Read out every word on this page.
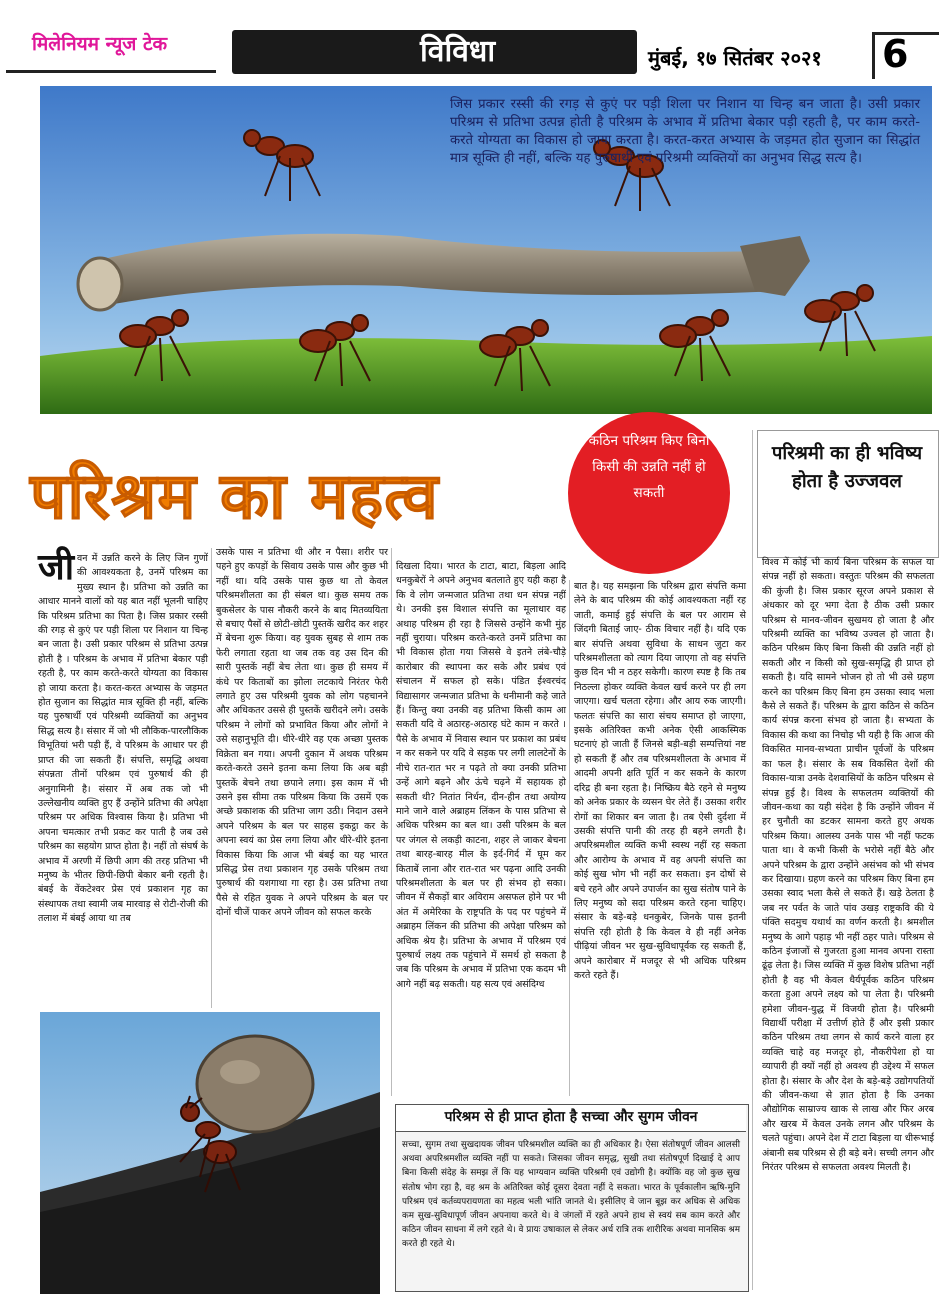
मिलेनियम न्यूज टेक	विविधा	मुंबई, १७ सितंबर २०२१ 6
जिस प्रकार रस्सी की रगड़ से कुएं पर पड़ी शिला पर निशान या चिन्ह बन जाता है। उसी प्रकार परिश्रम से प्रतिभा उत्पन्न होती है परिश्रम के अभाव में प्रतिभा बेकार पड़ी रहती है, पर काम करते-करते योग्यता का विकास हो जाया करता है। करत-करत अभ्यास के जड़मत होत सुजान का सिद्धांत मात्र सूक्ति ही नहीं, बल्कि यह पुरुषार्थी एवं परिश्रमी व्यक्तियों का अनुभव सिद्ध सत्य है।
परिश्रम का महत्व
कठिन परिश्रम किए बिना किसी की उन्नति नहीं हो सकती
परिश्रमी का ही भविष्य होता है उज्जवल
विश्व में कोई भी कार्य बिना परिश्रम के सफल या संपन्न नहीं हो सकता। वस्तुतः परिश्रम की सफलता की कुंजी है। जिस प्रकार सूरज अपने प्रकाश से अंधकार को दूर भगा देता है ठीक उसी प्रकार परिश्रम से मानव-जीवन सुखमय हो जाता है और परिश्रमी व्यक्ति का भविष्य उज्वल हो जाता है। कठिन परिश्रम किए बिना किसी की उन्नति नहीं हो सकती और न किसी को सुख-समृद्धि ही प्राप्त हो सकती है। यदि सामने भोजन हो तो भी उसे ग्रहण करने का परिश्रम किए बिना हम उसका स्वाद भला कैसे ले सकते हैं। परिश्रम के द्वारा कठिन से कठिन कार्य संपन्न करना संभव हो जाता है। सभ्यता के विकास की कथा का निचोड़ भी यही है कि आज की विकसित मानव-सभ्यता प्राचीन पूर्वजों के परिश्रम का फल है। संसार के सब विकसित देशों की विकास-यात्रा उनके देशवासियों के कठिन परिश्रम से संपन्न हुई है। विश्व के सफलतम व्यक्तियों की जीवन-कथा का यही संदेश है कि उन्होंने जीवन में हर चुनौती का डटकर सामना करते हुए अथक परिश्रम किया। आलस्य उनके पास भी नहीं फटक पाता था। वे कभी किसी के भरोसे नहीं बैठे और अपने परिश्रम के द्वारा उन्होंने असंभव को भी संभव कर दिखाया। ग्रहण करने का परिश्रम किए बिना हम उसका स्वाद भला कैसे ले सकते हैं। खड़े ठेलता है जब नर पर्वत के जाते पांव उखड़ राष्ट्रकवि की ये पंक्ति सदमुच यथार्थ का वर्णन करती है। श्रमशील मनुष्य के आगे पहाड़ भी नहीं ठहर पाते। परिश्रम से कठिन इंजाजों से गुजरता हुआ मानव अपना रास्ता ढूंढ़ लेता है। जिस व्यक्ति में कुछ विशेष प्रतिभा नहीं होती है वह भी केवल धैर्यपूर्वक कठिन परिश्रम करता हुआ अपने लक्ष्य को पा लेता है। परिश्रमी हमेशा जीवन-युद्ध में विजयी होता है। परिश्रमी विद्यार्थी परीक्षा में उत्तीर्ण होते हैं और इसी प्रकार कठिन परिश्रम तथा लगन से कार्य करने वाला हर व्यक्ति चाहे वह मजदूर हो, नौकरीपेशा हो या व्यापारी ही क्यों नहीं हो अवश्य ही उद्देश्य में सफल होता है। संसार के और देश के बड़े-बड़े उद्योगपतियों की जीवन-कथा से ज्ञात होता है कि उनका औद्योगिक साम्राज्य खाक से लाख और फिर अरब और खरब में केवल उनके लगन और परिश्रम के चलते पहुंचा। अपने देश में टाटा बिड़ला या धीरूभाई अंबानी सब परिश्रम से ही बड़े बने। सच्ची लगन और निरंतर परिश्रम से सफलता अवश्य मिलती है।
जीवन में उन्नति करने के लिए जिन गुणों की आवश्यकता है, उनमें परिश्रम का मुख्य स्थान है। प्रतिभा को उन्नति का आधार मानने वालों को यह बात नहीं भूलनी चाहिए कि परिश्रम प्रतिभा का पिता है। जिस प्रकार रस्सी की रगड़ से कुएं पर पड़ी शिला पर निशान या चिन्ह बन जाता है। उसी प्रकार परिश्रम से प्रतिभा उत्पन्न होती है । परिश्रम के अभाव में प्रतिभा बेकार पड़ी रहती है, पर काम करते-करते योग्यता का विकास हो जाया करता है। करत-करत अभ्यास के जड़मत होत सुजान का सिद्धांत मात्र सूक्ति ही नहीं, बल्कि यह पुरुषार्थी एवं परिश्रमी व्यक्तियों का अनुभव सिद्ध सत्य है। संसार में जो भी लौकिक-पारलौकिक विभूतियां भरी पड़ी हैं, वे परिश्रम के आधार पर ही प्राप्त की जा सकती हैं। संपत्ति, समृद्धि अथवा संपन्नता तीनों परिश्रम एवं पुरुषार्थ की ही अनुगामिनी है। संसार में अब तक जो भी उल्लेखनीय व्यक्ति हुए हैं उन्होंने प्रतिभा की अपेक्षा परिश्रम पर अधिक विश्वास किया है। प्रतिभा भी अपना चमत्कार तभी प्रकट कर पाती है जब उसे परिश्रम का सहयोग प्राप्त होता है। नहीं तो संघर्ष के अभाव में अरणी में छिपी आग की तरह प्रतिभा भी मनुष्य के भीतर छिपी-छिपी बेकार बनी रहती है। बंबई के वेंकटेश्वर प्रेस एवं प्रकाशन गृह का संस्थापक तथा स्वामी जब मारवाड़ से रोटी-रोजी की तलाश में बंबई आया था तब
उसके पास न प्रतिभा थी और न पैसा। शरीर पर पहने हुए कपड़ों के सिवाय उसके पास और कुछ भी नहीं था। यदि उसके पास कुछ था तो केवल परिश्रमशीलता का ही संबल था। कुछ समय तक बुकसेलर के पास नौकरी करने के बाद मितव्ययिता से बचाए पैसों से छोटी-छोटी पुस्तकें खरीद कर शहर में बेचना शुरू किया। वह युवक सुबह से शाम तक फेरी लगाता रहता था जब तक वह उस दिन की सारी पुस्तकें नहीं बेच लेता था। कुछ ही समय में कंधे पर किताबों का झोला लटकाये निरंतर फेरी लगाते हुए उस परिश्रमी युवक को लोग पहचानने और अधिकतर उससे ही पुस्तकें खरीदने लगे। उसके परिश्रम ने लोगों को प्रभावित किया और लोगों ने उसे सहानुभूति दी। धीरे-धीरे वह एक अच्छा पुस्तक विक्रेता बन गया। अपनी दुकान में अथक परिश्रम करते-करते उसने इतना कमा लिया कि अब बड़ी पुस्तकें बेचने तथा छपाने लगा। इस काम में भी उसने इस सीमा तक परिश्रम किया कि उसमें एक अच्छे प्रकाशक की प्रतिभा जाग उठी। निदान उसने अपने परिश्रम के बल पर साहस इकट्ठा कर के अपना स्वयं का प्रेस लगा लिया और धीरे-धीरे इतना विकास किया कि आज भी बंबई का यह भारत प्रसिद्ध प्रेस तथा प्रकाशन गृह उसके परिश्रम तथा पुरुषार्थ की यशगाथा गा रहा है। उस प्रतिभा तथा पैसे से रहित युवक ने अपने परिश्रम के बल पर दोनों चीजें पाकर अपने जीवन को सफल करके
दिखला दिया। भारत के टाटा, बाटा, बिड़ला आदि धनकुबेरों ने अपने अनुभव बतलाते हुए यही कहा है कि वे लोग जन्मजात प्रतिभा तथा धन संपन्न नहीं थे। उनकी इस विशाल संपत्ति का मूलाधार वह अथाह परिश्रम ही रहा है जिससे उन्होंने कभी मुंह नहीं चुराया। परिश्रम करते-करते उनमें प्रतिभा का भी विकास होता गया जिससे वे इतने लंबे-चौड़े कारोबार की स्थापना कर सके और प्रबंध एवं संचालन में सफल हो सके। पंडित ईश्वरचंद विद्यासागर जन्मजात प्रतिभा के धनीमानी कहे जाते हैं। किन्तु क्या उनकी वह प्रतिभा किसी काम आ सकती यदि वे अठारह-अठारह घंटे काम न करते । पैसे के अभाव में निवास स्थान पर प्रकाश का प्रबंध न कर सकने पर यदि वे सड़क पर लगी लालटेनों के नीचे रात-रात भर न पढ़ते तो क्या उनकी प्रतिभा उन्हें आगे बढ़ने और ऊंचे चढ़ने में सहायक हो सकती थी? नितांत निर्धन, दीन-हीन तथा अयोग्य माने जाने वाले अब्राहम लिंकन के पास प्रतिभा से अधिक परिश्रम का बल था। उसी परिश्रम के बल पर जंगल से लकड़ी काटना, शहर ले जाकर बेचना तथा बारह-बारह मील के इर्द-गिर्द में घूम कर किताबें लाना और रात-रात भर पढ़ना आदि उनकी परिश्रमशीलता के बल पर ही संभव हो सका। जीवन में सैकड़ों बार अविराम असफल होने पर भी अंत में अमेरिका के राष्ट्रपति के पद पर पहुंचने में अब्राहम लिंकन की प्रतिभा की अपेक्षा परिश्रम को अधिक श्रेय है। प्रतिभा के अभाव में परिश्रम एवं पुरुषार्थ लक्ष्य तक पहुंचाने में समर्थ हो सकता है जब कि परिश्रम के अभाव में प्रतिभा एक कदम भी आगे नहीं बढ़ सकती। यह सत्य एवं असंदिग्ध
बात है। यह समझना कि परिश्रम द्वारा संपत्ति कमा लेने के बाद परिश्रम की कोई आवश्यकता नहीं रह जाती, कमाई हुई संपत्ति के बल पर आराम से जिंदगी बिताई जाए- ठीक विचार नहीं है। यदि एक बार संपत्ति अथवा सुविधा के साधन जुटा कर परिश्रमशीलता को त्याग दिया जाएगा तो वह संपत्ति कुछ दिन भी न ठहर सकेगी। कारण स्पष्ट है कि तब निठल्ला होकर व्यक्ति केवल खर्च करने पर ही लग जाएगा। खर्च चलता रहेगा। और आय रुक जाएगी। फलतः संपत्ति का सारा संचय समाप्त हो जाएगा, इसके अतिरिक्त कभी अनेक ऐसी आकस्मिक घटनाएं हो जाती हैं जिनसे बड़ी-बड़ी सम्पत्तियां नष्ट हो सकती हैं और तब परिश्रमशीलता के अभाव में आदमी अपनी क्षति पूर्ति न कर सकने के कारण दरिद्र ही बना रहता है। निष्क्रिय बैठे रहने से मनुष्य को अनेक प्रकार के व्यसन घेर लेते हैं। उसका शरीर रोगों का शिकार बन जाता है। तब ऐसी दुर्दशा में उसकी संपत्ति पानी की तरह ही बहने लगती है। अपरिश्रमशील व्यक्ति कभी स्वस्थ नहीं रह सकता और आरोग्य के अभाव में वह अपनी संपत्ति का कोई सुख भोग भी नहीं कर सकता। इन दोषों से बचे रहने और अपने उपार्जन का सुख संतोष पाने के लिए मनुष्य को सदा परिश्रम करते रहना चाहिए। संसार के बड़े-बड़े धनकुबेर, जिनके पास इतनी संपत्ति रही होती है कि केवल वे ही नहीं अनेक पीढ़ियां जीवन भर सुख-सुविधापूर्वक रह सकती हैं, अपने कारोबार में मजदूर से भी अधिक परिश्रम करते रहते हैं।
परिश्रम से ही प्राप्त होता है सच्चा और सुगम जीवन
सच्चा, सुगम तथा सुखदायक जीवन परिश्रमशील व्यक्ति का ही अधिकार है। ऐसा संतोषपूर्ण जीवन आलसी अथवा अपरिश्रमशील व्यक्ति नहीं पा सकते। जिसका जीवन समृद्ध, सुखी तथा संतोषपूर्ण दिखाई दे आप बिना किसी संदेह के समझ लें कि यह भाग्यवान व्यक्ति परिश्रमी एवं उद्योगी है। क्योंकि वह जो कुछ सुख संतोष भोग रहा है, वह श्रम के अतिरिक्त कोई दूसरा देवता नहीं दे सकता। भारत के पूर्वकालीन ऋषि-मुनि परिश्रम एवं कर्तव्यपरायणता का महत्व भली भांति जानते थे। इसीलिए वे जान बूझ कर अधिक से अधिक कम सुख-सुविधापूर्ण जीवन अपनाया करते थे। वे जंगलों में रहते अपने हाथ से स्वयं सब काम करते और कठिन जीवन साधना में लगे रहते थे। वे प्रायः उषाकाल से लेकर अर्ध रात्रि तक शारीरिक अथवा मानसिक श्रम करते ही रहते थे।
